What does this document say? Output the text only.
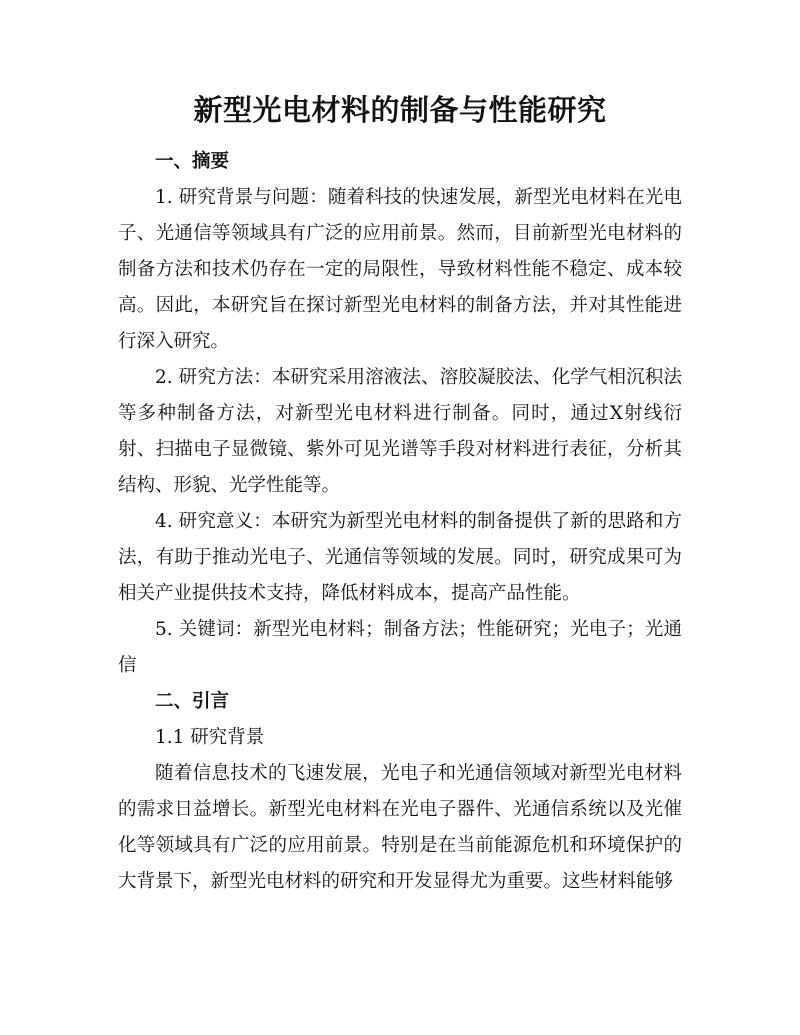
新型光电材料的制备与性能研究
一、摘要

1. 研究背景与问题：随着科技的快速发展，新型光电材料在光电子、光通信等领域具有广泛的应用前景。然而，目前新型光电材料的制备方法和技术仍存在一定的局限性，导致材料性能不稳定、成本较高。因此，本研究旨在探讨新型光电材料的制备方法，并对其性能进行深入研究。

2. 研究方法：本研究采用溶液法、溶胶凝胶法、化学气相沉积法等多种制备方法，对新型光电材料进行制备。同时，通过X射线衍射、扫描电子显微镜、紫外可见光谱等手段对材料进行表征，分析其结构、形貌、光学性能等。

4. 研究意义：本研究为新型光电材料的制备提供了新的思路和方法，有助于推动光电子、光通信等领域的发展。同时，研究成果可为相关产业提供技术支持，降低材料成本，提高产品性能。

5. 关键词：新型光电材料；制备方法；性能研究；光电子；光通信

二、引言

1.1 研究背景

随着信息技术的飞速发展，光电子和光通信领域对新型光电材料的需求日益增长。新型光电材料在光电子器件、光通信系统以及光催化等领域具有广泛的应用前景。特别是在当前能源危机和环境保护的大背景下，新型光电材料的研究和开发显得尤为重要。这些材料能够
